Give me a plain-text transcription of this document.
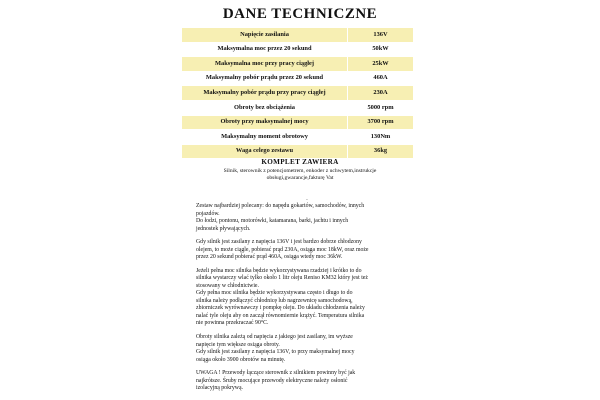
DANE TECHNICZNE
Napięcie zasilania	136V
Maksymalna moc przez 20 sekund	50kW
Maksymalna moc przy pracy ciągłej	25kW
Maksymalny pobór prądu przez 20 sekund	460A
Maksymalny pobór prądu przy pracy ciągłej	230A
Obroty bez obciążenia	5000 rpm
Obroty przy maksymalnej mocy	3700 rpm
Maksymalny moment obrotowy	130Nm
Waga celego zestawu	36kg
KOMPLET ZAWIERA
Silnik, sterownik z potencjometrem, enkoder z uchwytem,instrukcje
obsługi,gwarancje,fakturę Vat
.
Zestaw najbardziej polecany: do napędu gokartów, samochodów, innych
pojazdów.
Do łodzi, pontonu, motorówki, katamarana, barki, jachtu i innych
jednostek pływających.
Gdy silnik jest zasilany z napięcia 136V i jest bardzo dobrze chłodzony
olejem, to może ciągle, pobierać prąd 230A, osiąga moc 18kW, oraz może
przez 20 sekund pobierać prąd 460A, osiąga wtedy moc 36kW.
Jeżeli pełna moc silnika będzie wykorzystywana rzadziej i krótko to do
silnika wystarczy wlać tylko około 1 litr oleju Reniso KM32 który jest też
stosowany w chłodnictwie.
Gdy pełna moc silnika będzie wykorzystywana często i długo to do
silnika należy podłączyć chłodnicę lub nagrzewnicę samochodową,
zbiorniczek wyrównawczy i pompkę oleju. Do układu chłodzenia należy
nalać tyle oleju aby on zaczął równomiernie krążyć. Temperatura silnika
nie powinna przekraczać 90°C.
Obroty silnika zależą od napięcia z jakiego jest zasilany, im wyższe
napięcie tym większe osiąga obroty.
Gdy silnik jest zasilany z napięcia 136V, to przy maksymalnej mocy
osiąga około 3900 obrotów na minutę.
UWAGA ! Przewody łączące sterownik z silnikiem powinny być jak
najkrótsze. Śruby mocujące przewody elektryczne należy osłonić
izolacyjną pokrywą.
